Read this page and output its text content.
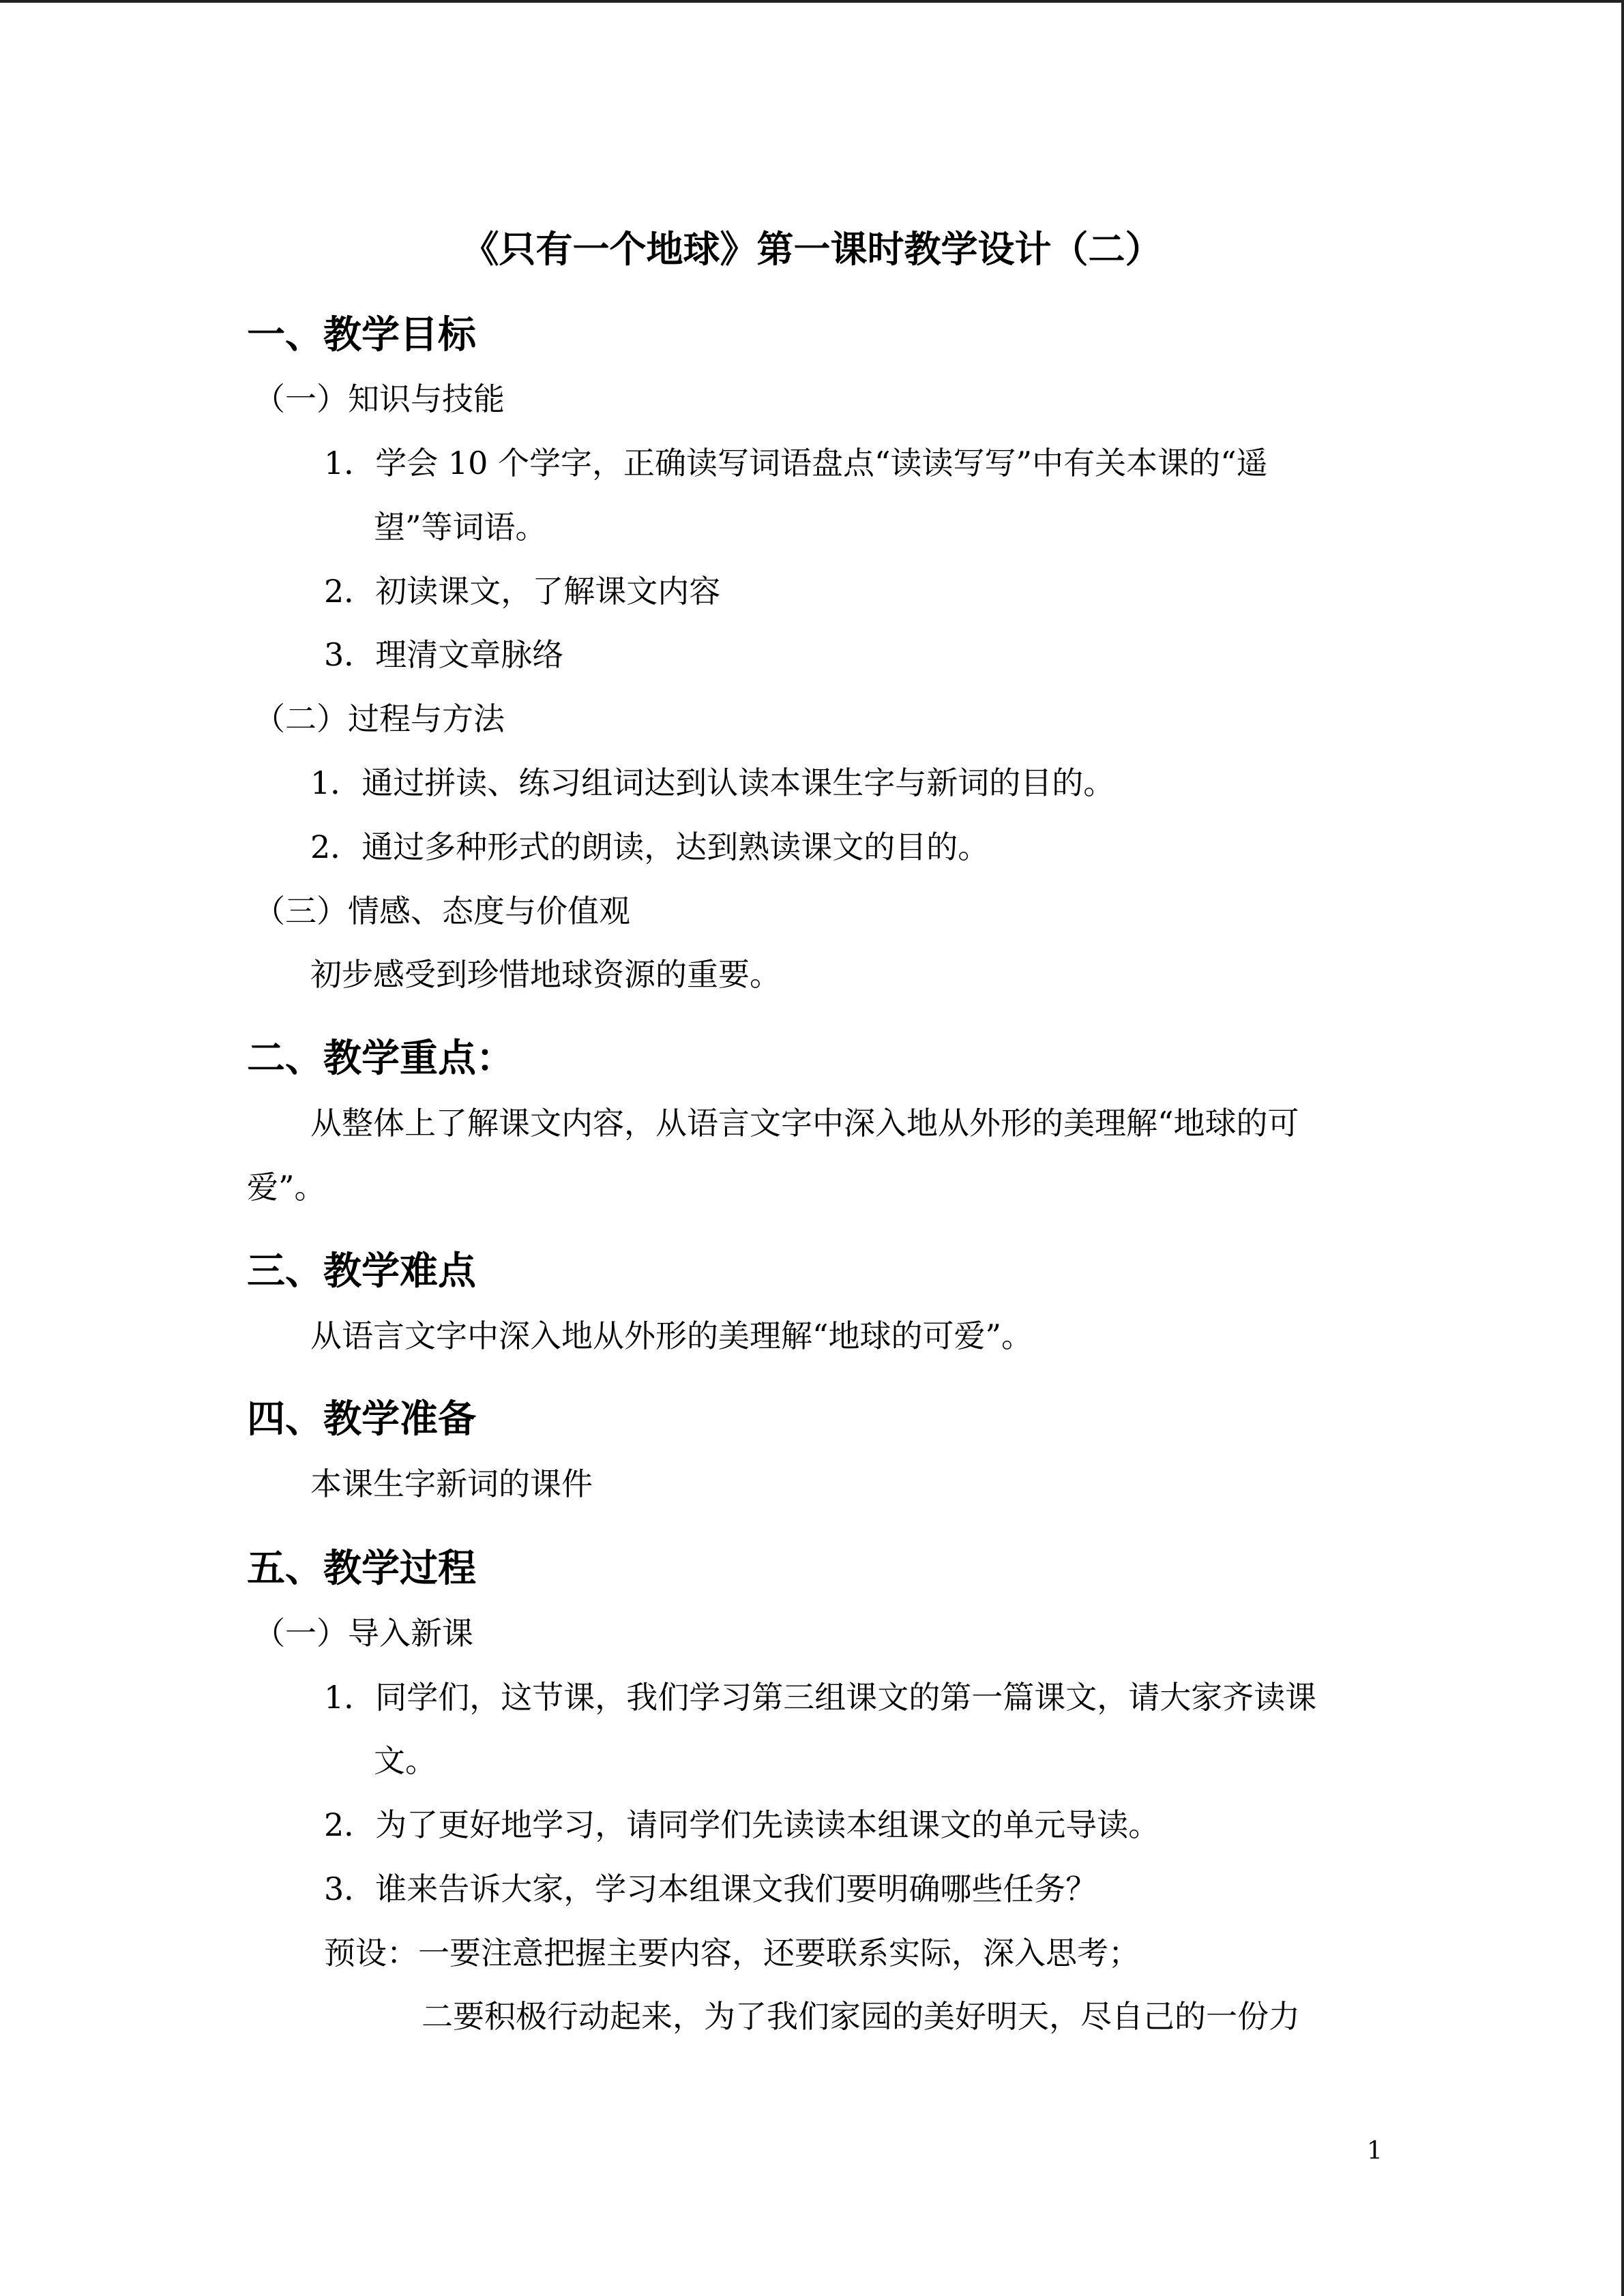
《只有一个地球》第一课时教学设计（二）
一、教学目标
（一）知识与技能
1．学会 10 个学字，正确读写词语盘点“读读写写”中有关本课的“遥
望”等词语。
2．初读课文，了解课文内容
3．理清文章脉络
（二）过程与方法
1．通过拼读、练习组词达到认读本课生字与新词的目的。
2．通过多种形式的朗读，达到熟读课文的目的。
（三）情感、态度与价值观
初步感受到珍惜地球资源的重要。
二、教学重点：
从整体上了解课文内容，从语言文字中深入地从外形的美理解“地球的可
爱”。
三、教学难点
从语言文字中深入地从外形的美理解“地球的可爱”。
四、教学准备
本课生字新词的课件
五、教学过程
（一）导入新课
1．同学们，这节课，我们学习第三组课文的第一篇课文，请大家齐读课
文。
2．为了更好地学习，请同学们先读读本组课文的单元导读。
3．谁来告诉大家，学习本组课文我们要明确哪些任务？
预设：一要注意把握主要内容，还要联系实际，深入思考；
二要积极行动起来，为了我们家园的美好明天，尽自己的一份力
1
